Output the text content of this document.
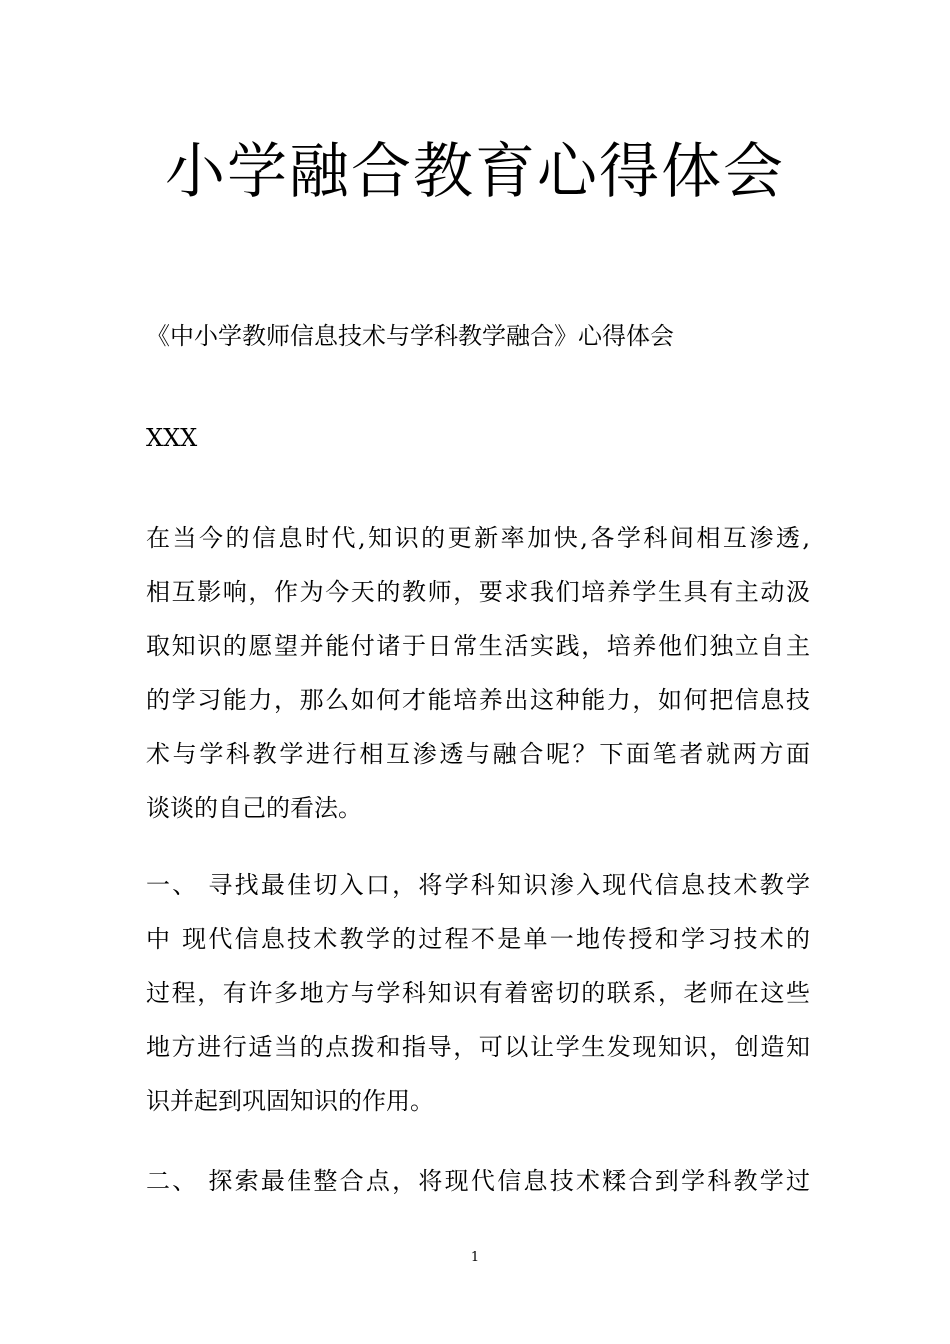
小学融合教育心得体会

《中小学教师信息技术与学科教学融合》心得体会

XXX

在当今的信息时代,知识的更新率加快,各学科间相互渗透,
相互影响，作为今天的教师，要求我们培养学生具有主动汲
取知识的愿望并能付诸于日常生活实践，培养他们独立自主
的学习能力，那么如何才能培养出这种能力，如何把信息技
术与学科教学进行相互渗透与融合呢？下面笔者就两方面
谈谈的自己的看法。
一、 寻找最佳切入口，将学科知识渗入现代信息技术教学
中 现代信息技术教学的过程不是单一地传授和学习技术的
过程，有许多地方与学科知识有着密切的联系，老师在这些
地方进行适当的点拨和指导，可以让学生发现知识，创造知
识并起到巩固知识的作用。
二、 探索最佳整合点，将现代信息技术糅合到学科教学过
1
